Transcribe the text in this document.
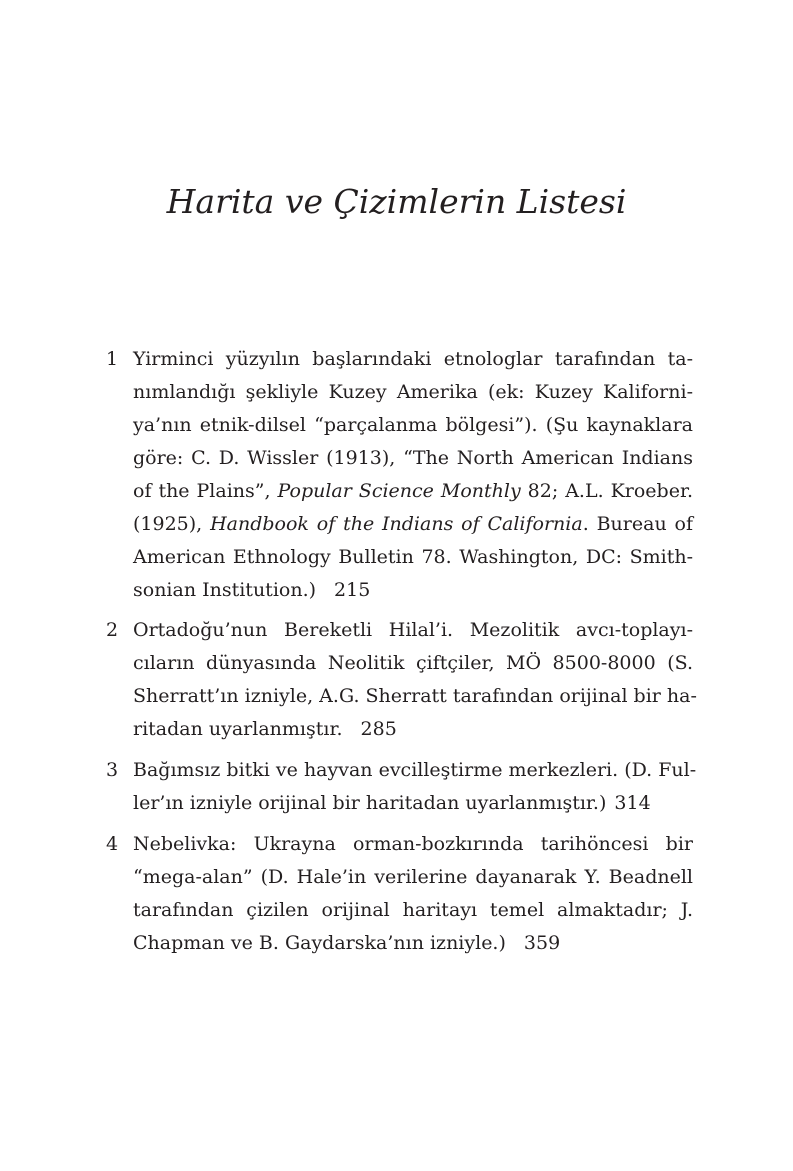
Harita ve Çizimlerin Listesi
1 Yirminci yüzyılın başlarındaki etnologlar tarafından ta-
nımlandığı şekliyle Kuzey Amerika (ek: Kuzey Kaliforni-
ya’nın etnik-dilsel “parçalanma bölgesi”). (Şu kaynaklara
göre: C. D. Wissler (1913), “The North American Indians
of the Plains”, Popular Science Monthly 82; A.L. Kroeber.
(1925), Handbook of the Indians of California. Bureau of
American Ethnology Bulletin 78. Washington, DC: Smith-
sonian Institution.) 215
2 Ortadoğu’nun Bereketli Hilal’i. Mezolitik avcı-toplayı-
cıların dünyasında Neolitik çiftçiler, MÖ 8500-8000 (S.
Sherratt’ın izniyle, A.G. Sherratt tarafından orijinal bir ha-
ritadan uyarlanmıştır. 285
3 Bağımsız bitki ve hayvan evcilleştirme merkezleri. (D. Ful-
ler’ın izniyle orijinal bir haritadan uyarlanmıştır.) 314
4 Nebelivka: Ukrayna orman-bozkırında tarihöncesi bir
“mega-alan” (D. Hale’in verilerine dayanarak Y. Beadnell
tarafından çizilen orijinal haritayı temel almaktadır; J.
Chapman ve B. Gaydarska’nın izniyle.) 359
